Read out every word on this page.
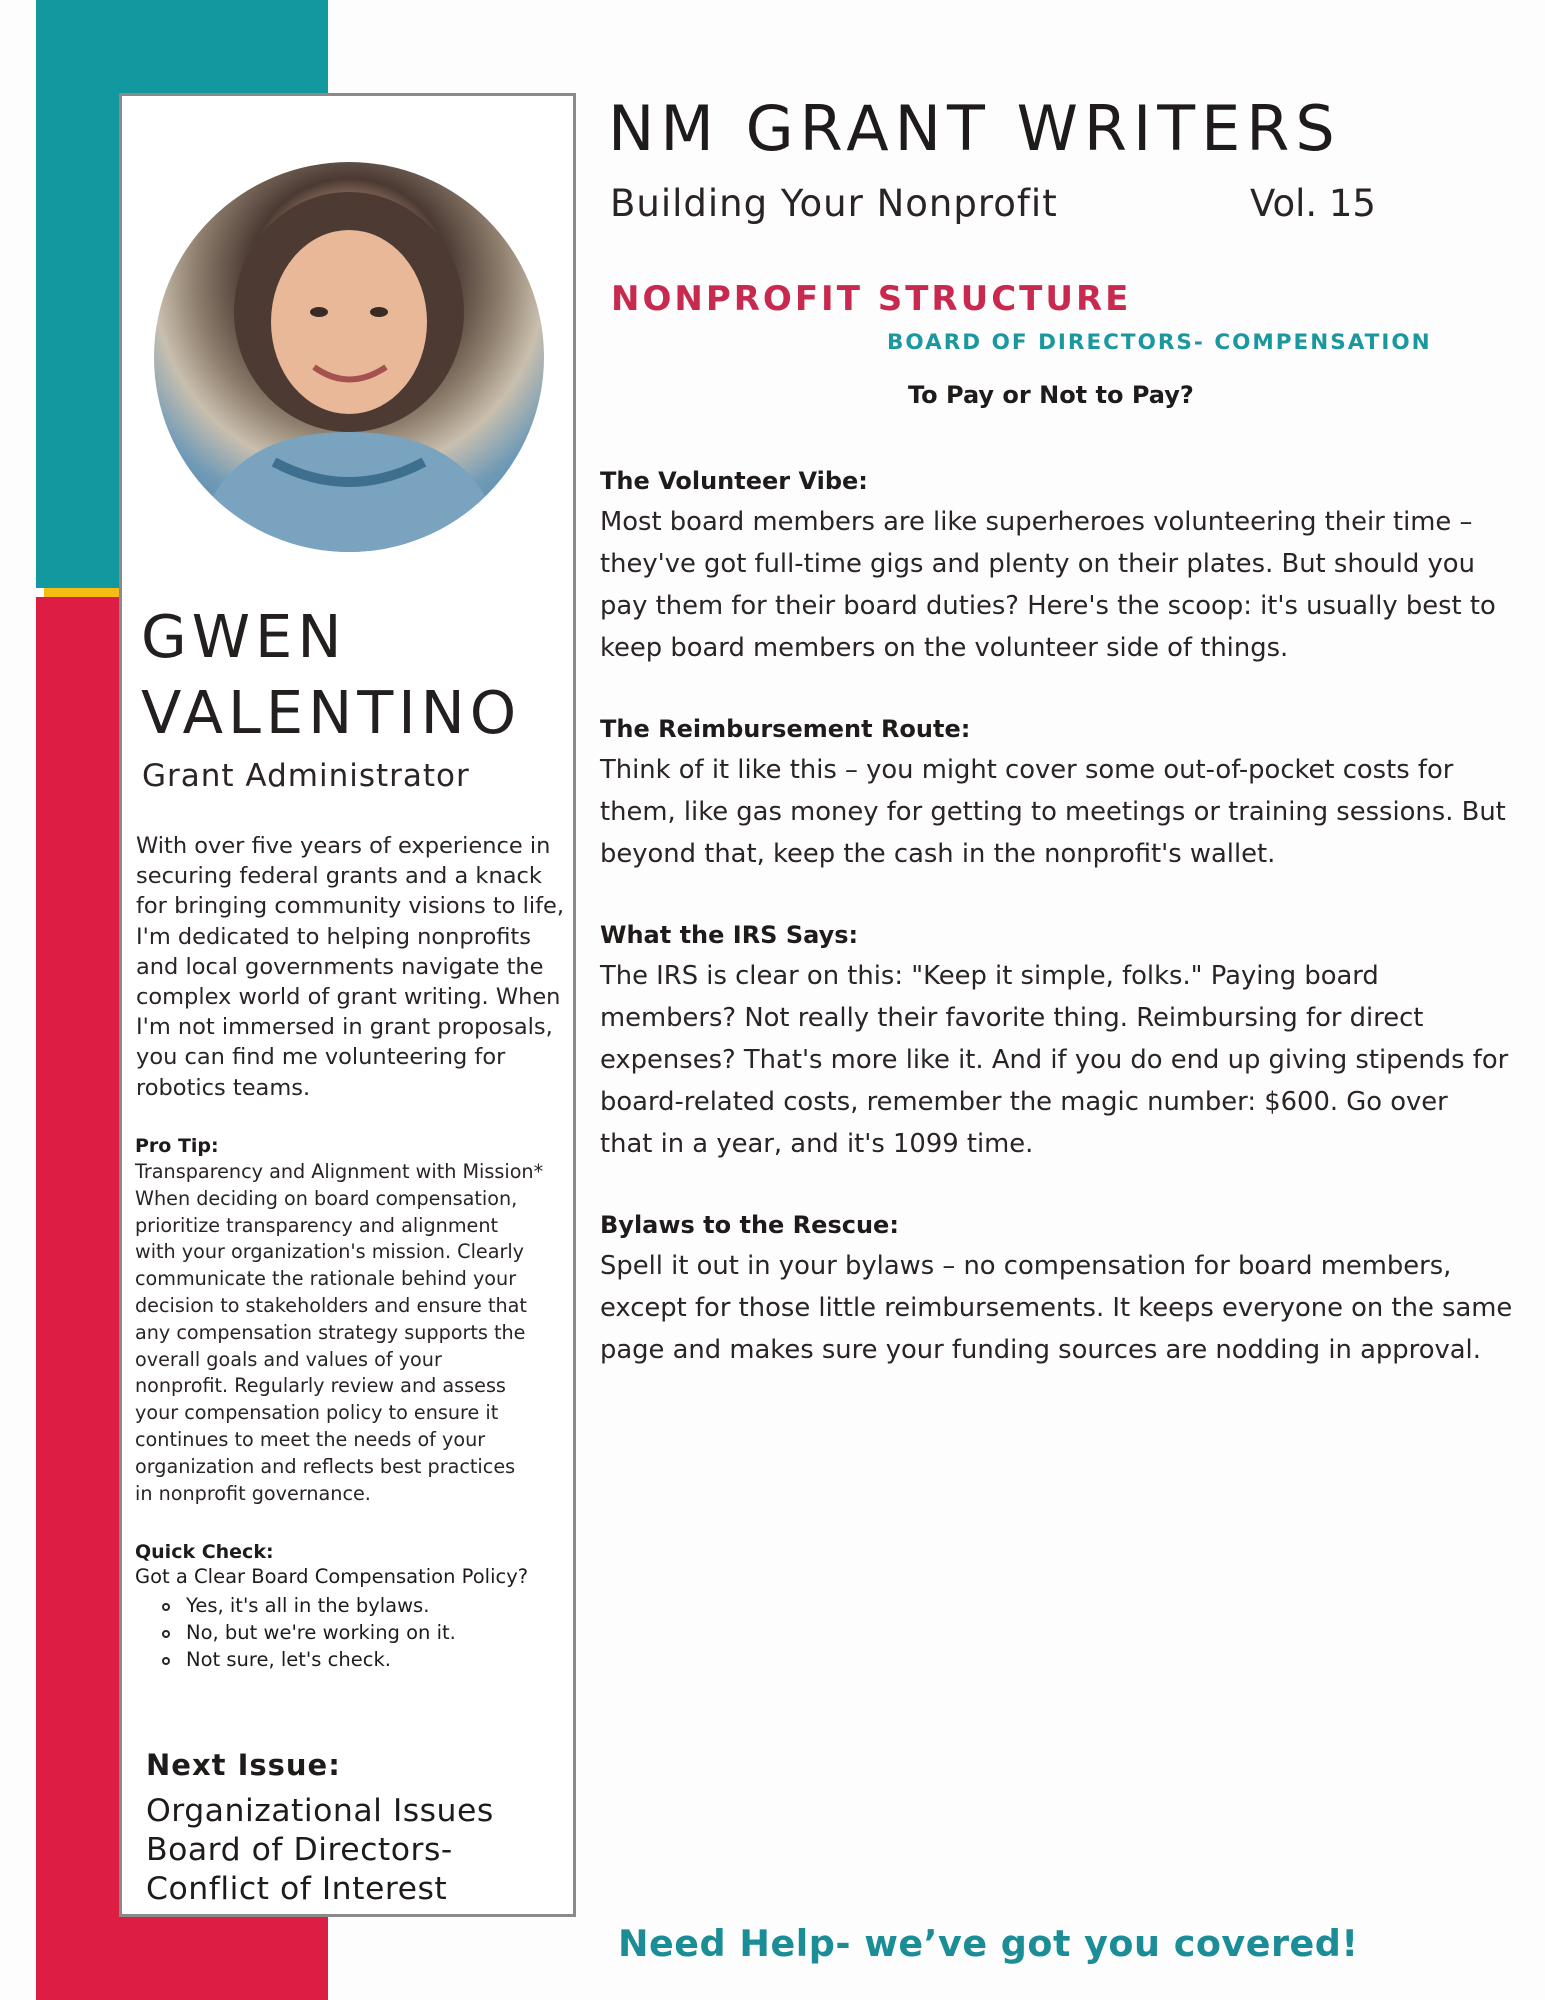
GWEN
VALENTINO
Grant Administrator

With over five years of experience in

securing federal grants and a knack

for bringing community visions to life,

I'm dedicated to helping nonprofits

and local governments navigate the

complex world of grant writing. When

I'm not immersed in grant proposals,

you can find me volunteering for

robotics teams.

Pro Tip:
Transparency and Alignment with Mission*
When deciding on board compensation,
prioritize transparency and alignment
with your organization's mission. Clearly
communicate the rationale behind your
decision to stakeholders and ensure that
any compensation strategy supports the
overall goals and values of your
nonprofit. Regularly review and assess
your compensation policy to ensure it
continues to meet the needs of your
organization and reflects best practices
in nonprofit governance.
Quick Check:
Got a Clear Board Compensation Policy?
Yes, it's all in the bylaws.
No, but we're working on it.
Not sure, let's check.
Next Issue:
Organizational Issues
Board of Directors-
Conflict of Interest
NM GRANT WRITERS
Building Your Nonprofit	Vol. 15
NONPROFIT STRUCTURE
BOARD OF DIRECTORS- COMPENSATION
To Pay or Not to Pay?
The Volunteer Vibe:
Most board members are like superheroes volunteering their time –
they've got full-time gigs and plenty on their plates. But should you
pay them for their board duties? Here's the scoop: it's usually best to
keep board members on the volunteer side of things.
The Reimbursement Route:
Think of it like this – you might cover some out-of-pocket costs for
them, like gas money for getting to meetings or training sessions. But
beyond that, keep the cash in the nonprofit's wallet.
What the IRS Says:
The IRS is clear on this: "Keep it simple, folks." Paying board
members? Not really their favorite thing. Reimbursing for direct
expenses? That's more like it. And if you do end up giving stipends for
board-related costs, remember the magic number: $600. Go over
that in a year, and it's 1099 time.
Bylaws to the Rescue:
Spell it out in your bylaws – no compensation for board members,
except for those little reimbursements. It keeps everyone on the same
page and makes sure your funding sources are nodding in approval.
Need Help- we’ve got you covered!
